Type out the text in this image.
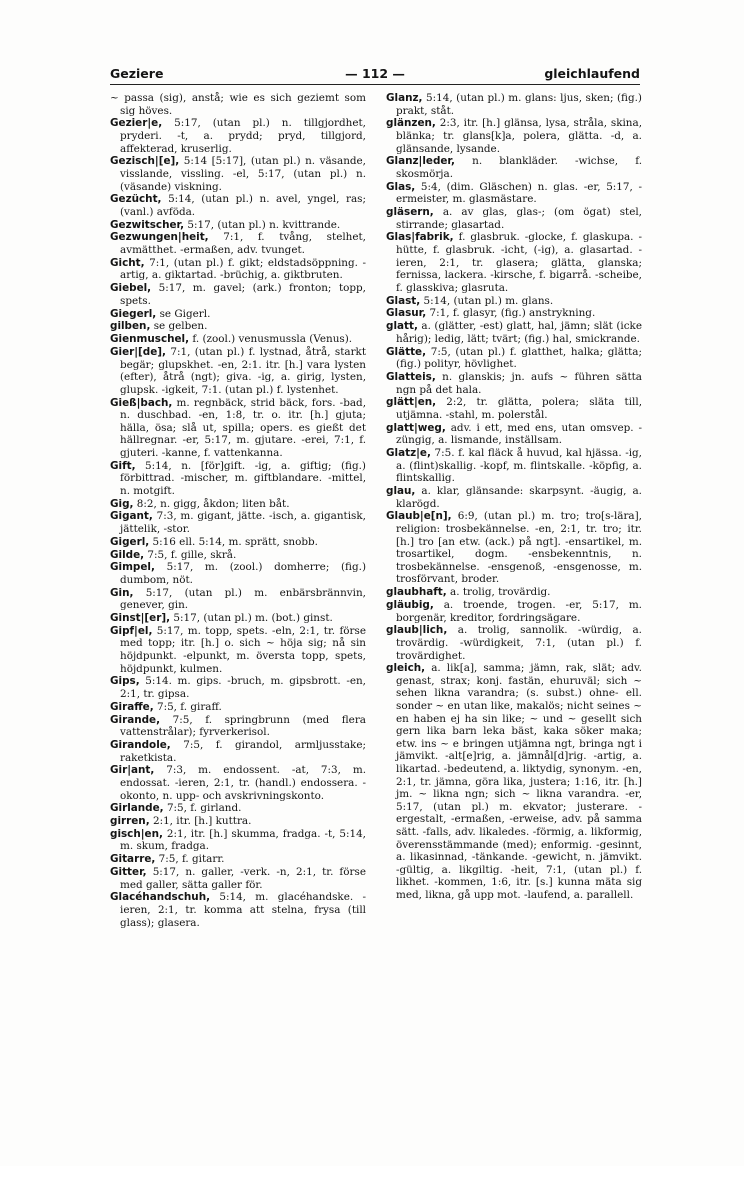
Geziere	— 112 —	gleichlaufend

~ passa (sig), anstå; wie es sich geziemt som sig höves.

Gezier|e, 5:17, (utan pl.) n. tillgjordhet, pryderi. -t, a. prydd; pryd, tillgjord, affekterad, kruserlig.

Gezisch|[e], 5:14 [5:17], (utan pl.) n. väsande, visslande, vissling. -el, 5:17, (utan pl.) n. (väsande) viskning.

Gezücht, 5:14, (utan pl.) n. avel, yngel, ras; (vanl.) avföda.

Gezwitscher, 5:17, (utan pl.) n. kvittrande.

Gezwungen|heit, 7:1, f. tvång, stelhet, avmätthet. -ermaßen, adv. tvunget.

Gicht, 7:1, (utan pl.) f. gikt; eldstadsöppning. -artig, a. giktartad. -brüchig, a. giktbruten.

Giebel, 5:17, m. gavel; (ark.) fronton; topp, spets.

Giegerl, se Gigerl.

gilben, se gelben.

Gienmuschel, f. (zool.) venusmussla (Venus).

Gier|[de], 7:1, (utan pl.) f. lystnad, åtrå, starkt begär; glupskhet. -en, 2:1. itr. [h.] vara lysten (efter), åtrå (ngt); giva. -ig, a. girig, lysten, glupsk. -igkeit, 7:1. (utan pl.) f. lystenhet.

Gieß|bach, m. regnbäck, strid bäck, fors. -bad, n. duschbad. -en, 1:8, tr. o. itr. [h.] gjuta; hälla, ösa; slå ut, spilla; opers. es gießt det hällregnar. -er, 5:17, m. gjutare. -erei, 7:1, f. gjuteri. -kanne, f. vattenkanna.

Gift, 5:14, n. [för]gift. -ig, a. giftig; (fig.) förbittrad. -mischer, m. giftblandare. -mittel, n. motgift.

Gig, 8:2, n. gigg, åkdon; liten båt.

Gigant, 7:3, m. gigant, jätte. -isch, a. gigantisk, jättelik, -stor.

Gigerl, 5:16 ell. 5:14, m. sprätt, snobb.

Gilde, 7:5, f. gille, skrå.

Gimpel, 5:17, m. (zool.) domherre; (fig.) dumbom, nöt.

Gin, 5:17, (utan pl.) m. enbärsbrännvin, genever, gin.

Ginst|[er], 5:17, (utan pl.) m. (bot.) ginst.

Gipf|el, 5:17, m. topp, spets. -eln, 2:1, tr. förse med topp; itr. [h.] o. sich ~ höja sig; nå sin höjdpunkt. -elpunkt, m. översta topp, spets, höjdpunkt, kulmen.

Gips, 5:14. m. gips. -bruch, m. gipsbrott. -en, 2:1, tr. gipsa.

Giraffe, 7:5, f. giraff.

Girande, 7:5, f. springbrunn (med flera vattenstrålar); fyrverkerisol.

Girandole, 7:5, f. girandol, armljusstake; raketkista.

Gir|ant, 7:3, m. endossent. -at, 7:3, m. endossat. -ieren, 2:1, tr. (handl.) endossera. -okonto, n. upp- och avskrivningskonto.

Girlande, 7:5, f. girland.

girren, 2:1, itr. [h.] kuttra.

gisch|en, 2:1, itr. [h.] skumma, fradga. -t, 5:14, m. skum, fradga.

Gitarre, 7:5, f. gitarr.

Gitter, 5:17, n. galler, -verk. -n, 2:1, tr. förse med galler, sätta galler för.

Glacéhandschuh, 5:14, m. glacéhandske. -ieren, 2:1, tr. komma att stelna, frysa (till glass); glasera.

Glanz, 5:14, (utan pl.) m. glans: ljus, sken; (fig.) prakt, ståt.

glänzen, 2:3, itr. [h.] glänsa, lysa, stråla, skina, blänka; tr. glans[k]a, polera, glätta. -d, a. glänsande, lysande.

Glanz|leder, n. blankläder. -wichse, f. skosmörja.

Glas, 5:4, (dim. Gläschen) n. glas. -er, 5:17, -ermeister, m. glasmästare.

gläsern, a. av glas, glas-; (om ögat) stel, stirrande; glasartad.

Glas|fabrik, f. glasbruk. -glocke, f. glaskupa. -hütte, f. glasbruk. -icht, (-ig), a. glasartad. -ieren, 2:1, tr. glasera; glätta, glanska; fernissa, lackera. -kirsche, f. bigarrå. -scheibe, f. glasskiva; glasruta.

Glast, 5:14, (utan pl.) m. glans.

Glasur, 7:1, f. glasyr, (fig.) anstrykning.

glatt, a. (glätter, -est) glatt, hal, jämn; slät (icke hårig); ledig, lätt; tvärt; (fig.) hal, smickrande.

Glätte, 7:5, (utan pl.) f. glatthet, halka; glätta; (fig.) polityr, hövlighet.

Glatteis, n. glanskis; jn. aufs ~ führen sätta ngn på det hala.

glätt|en, 2:2, tr. glätta, polera; släta till, utjämna. -stahl, m. polerstål.

glatt|weg, adv. i ett, med ens, utan omsvep. -züngig, a. lismande, inställsam.

Glatz|e, 7:5. f. kal fläck å huvud, kal hjässa. -ig, a. (flint)skallig. -kopf, m. flintskalle. -köpfig, a. flintskallig.

glau, a. klar, glänsande: skarpsynt. -äugig, a. klarögd.

Glaub|e[n], 6:9, (utan pl.) m. tro; tro[s-lära], religion: trosbekännelse. -en, 2:1, tr. tro; itr. [h.] tro [an etw. (ack.) på ngt]. -ensartikel, m. trosartikel, dogm. -ensbekenntnis, n. trosbekännelse. -ensgenoß, -ensgenosse, m. trosförvant, broder.

glaubhaft, a. trolig, trovärdig.

gläubig, a. troende, trogen. -er, 5:17, m. borgenär, kreditor, fordringsägare.

glaub|lich, a. trolig, sannolik. -würdig, a. trovärdig. -würdigkeit, 7:1, (utan pl.) f. trovärdighet.

gleich, a. lik[a], samma; jämn, rak, slät; adv. genast, strax; konj. fastän, ehuruväl; sich ~ sehen likna varandra; (s. subst.) ohne- ell. sonder ~ en utan like, makalös; nicht seines ~ en haben ej ha sin like; ~ und ~ gesellt sich gern lika barn leka bäst, kaka söker maka; etw. ins ~ e bringen utjämna ngt, bringa ngt i jämvikt. -alt[e]rig, a. jämnål[d]rig. -artig, a. likartad. -bedeutend, a. liktydig, synonym. -en, 2:1, tr. jämna, göra lika, justera; 1:16, itr. [h.] jm. ~ likna ngn; sich ~ likna varandra. -er, 5:17, (utan pl.) m. ekvator; justerare. -ergestalt, -ermaßen, -erweise, adv. på samma sätt. -falls, adv. likaledes. -förmig, a. likformig, överensstämmande (med); enformig. -gesinnt, a. likasinnad, -tänkande. -gewicht, n. jämvikt. -gültig, a. likgiltig. -heit, 7:1, (utan pl.) f. likhet. -kommen, 1:6, itr. [s.] kunna mäta sig med, likna, gå upp mot. -laufend, a. parallell.
